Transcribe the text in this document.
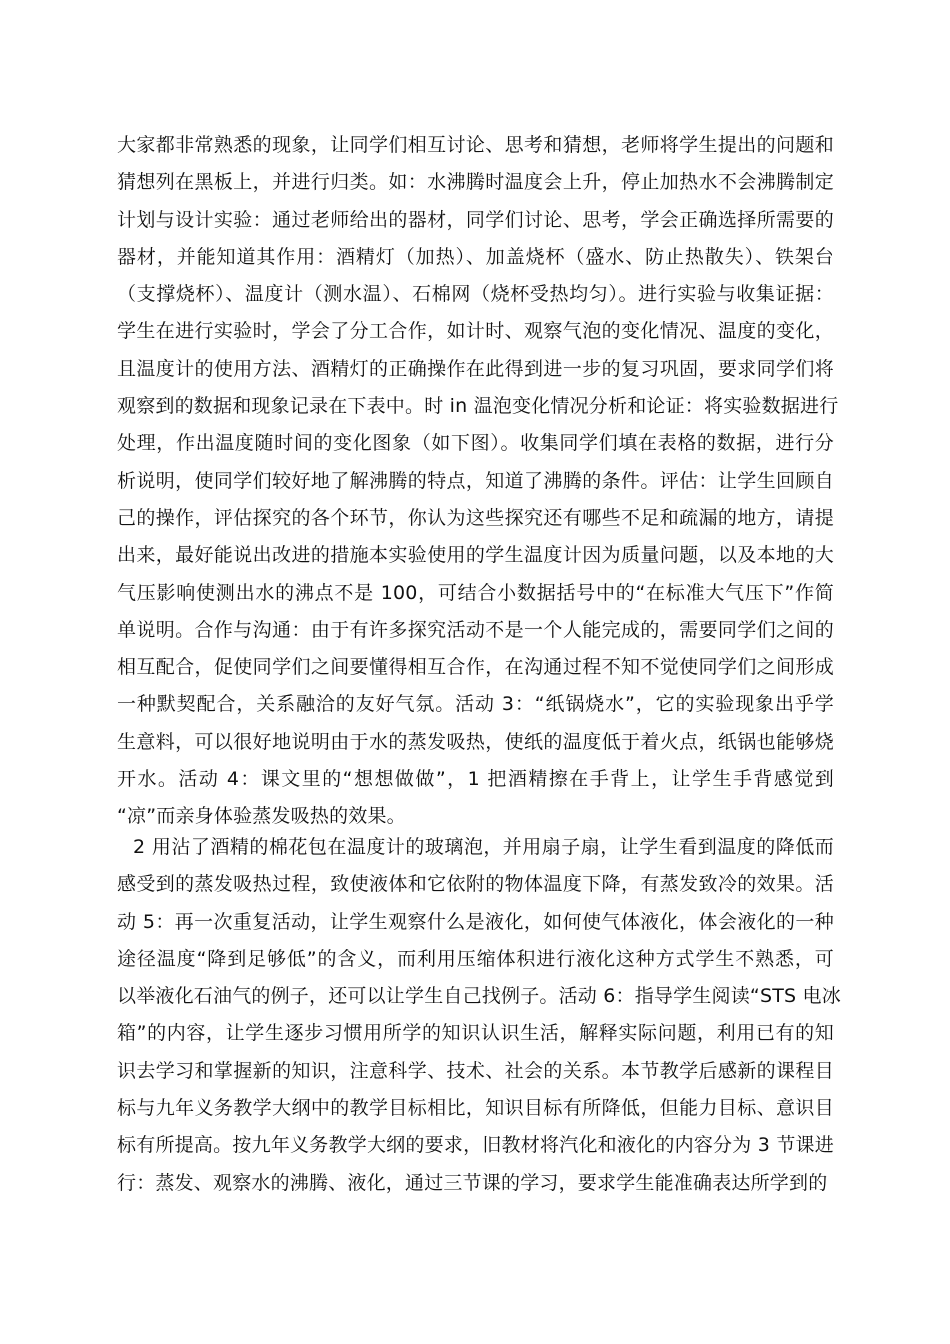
大家都非常熟悉的现象，让同学们相互讨论、思考和猜想，老师将学生提出的问题和
猜想列在黑板上，并进行归类。如：水沸腾时温度会上升，停止加热水不会沸腾制定
计划与设计实验：通过老师给出的器材，同学们讨论、思考，学会正确选择所需要的
器材，并能知道其作用：酒精灯（加热）、加盖烧杯（盛水、防止热散失）、铁架台
（支撑烧杯）、温度计（测水温）、石棉网（烧杯受热均匀）。进行实验与收集证据：
学生在进行实验时，学会了分工合作，如计时、观察气泡的变化情况、温度的变化，
且温度计的使用方法、酒精灯的正确操作在此得到进一步的复习巩固，要求同学们将
观察到的数据和现象记录在下表中。时 in 温泡变化情况分析和论证：将实验数据进行
处理，作出温度随时间的变化图象（如下图）。收集同学们填在表格的数据，进行分
析说明，使同学们较好地了解沸腾的特点，知道了沸腾的条件。评估：让学生回顾自
己的操作，评估探究的各个环节，你认为这些探究还有哪些不足和疏漏的地方，请提
出来，最好能说出改进的措施本实验使用的学生温度计因为质量问题，以及本地的大
气压影响使测出水的沸点不是 100，可结合小数据括号中的“在标准大气压下”作简
单说明。合作与沟通：由于有许多探究活动不是一个人能完成的，需要同学们之间的
相互配合，促使同学们之间要懂得相互合作，在沟通过程不知不觉使同学们之间形成
一种默契配合，关系融洽的友好气氛。活动 3：“纸锅烧水”，它的实验现象出乎学
生意料，可以很好地说明由于水的蒸发吸热，使纸的温度低于着火点，纸锅也能够烧
开水。活动 4：课文里的“想想做做”，1 把酒精擦在手背上，让学生手背感觉到
“凉”而亲身体验蒸发吸热的效果。
2 用沾了酒精的棉花包在温度计的玻璃泡，并用扇子扇，让学生看到温度的降低而
感受到的蒸发吸热过程，致使液体和它依附的物体温度下降，有蒸发致冷的效果。活
动 5：再一次重复活动，让学生观察什么是液化，如何使气体液化，体会液化的一种
途径温度“降到足够低”的含义，而利用压缩体积进行液化这种方式学生不熟悉，可
以举液化石油气的例子，还可以让学生自己找例子。活动 6：指导学生阅读“STS 电冰
箱”的内容，让学生逐步习惯用所学的知识认识生活，解释实际问题，利用已有的知
识去学习和掌握新的知识，注意科学、技术、社会的关系。本节教学后感新的课程目
标与九年义务教学大纲中的教学目标相比，知识目标有所降低，但能力目标、意识目
标有所提高。按九年义务教学大纲的要求，旧教材将汽化和液化的内容分为 3 节课进
行：蒸发、观察水的沸腾、液化，通过三节课的学习，要求学生能准确表达所学到的
